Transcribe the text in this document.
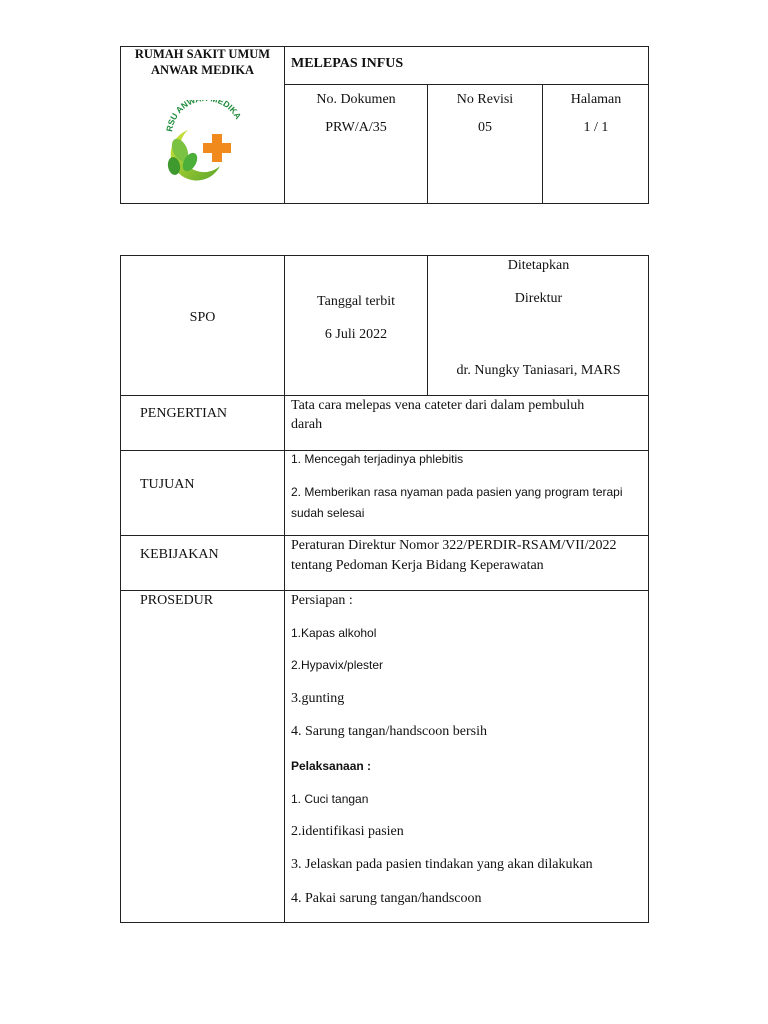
RUMAH SAKIT UMUM
ANWAR MEDIKA
RSU ANW EDIKA
MELEPAS INFUS
No. Dokumen
PRW/A/35
No Revisi
05
Halaman
1 / 1
SPO
Tanggal terbit
6 Juli 2022
Ditetapkan
Direktur
dr. Nungky Taniasari, MARS
PENGERTIAN
Tata cara melepas vena cateter dari dalam pembuluh
darah
TUJUAN
1. Mencegah terjadinya phlebitis
2. Memberikan rasa nyaman pada pasien yang program terapi
sudah selesai
KEBIJAKAN
Peraturan Direktur Nomor 322/PERDIR-RSAM/VII/2022
tentang Pedoman Kerja Bidang Keperawatan
PROSEDUR	Persiapan :
1.Kapas alkohol
2.Hypavix/plester
3.gunting
4. Sarung tangan/handscoon bersih
Pelaksanaan :
1. Cuci tangan
2.identifikasi pasien
3. Jelaskan pada pasien tindakan yang akan dilakukan
4. Pakai sarung tangan/handscoon
